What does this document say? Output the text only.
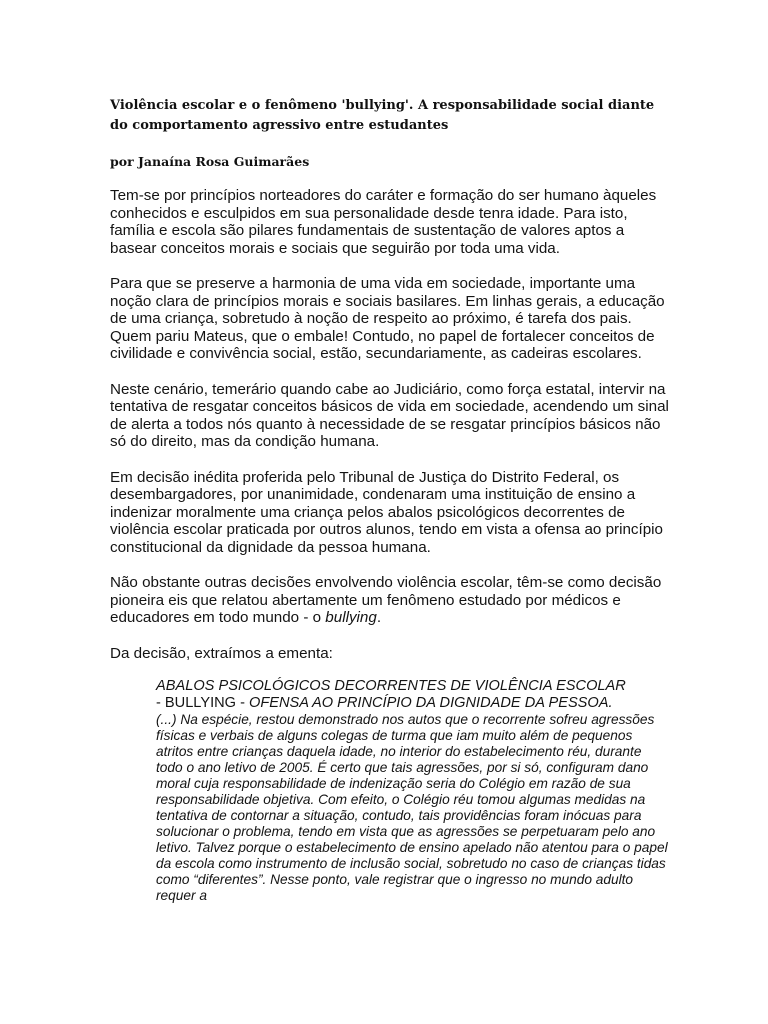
Violência escolar e o fenômeno 'bullying'. A responsabilidade social diante do comportamento agressivo entre estudantes

por Janaína Rosa Guimarães

Tem-se por princípios norteadores do caráter e formação do ser humano àqueles conhecidos e esculpidos em sua personalidade desde tenra idade. Para isto, família e escola são pilares fundamentais de sustentação de valores aptos a basear conceitos morais e sociais que seguirão por toda uma vida.

Para que se preserve a harmonia de uma vida em sociedade, importante uma noção clara de princípios morais e sociais basilares. Em linhas gerais, a educação de uma criança, sobretudo à noção de respeito ao próximo, é tarefa dos pais. Quem pariu Mateus, que o embale! Contudo, no papel de fortalecer conceitos de civilidade e convivência social, estão, secundariamente, as cadeiras escolares.

Neste cenário, temerário quando cabe ao Judiciário, como força estatal, intervir na tentativa de resgatar conceitos básicos de vida em sociedade, acendendo um sinal de alerta a todos nós quanto à necessidade de se resgatar princípios básicos não só do direito, mas da condição humana.

Em decisão inédita proferida pelo Tribunal de Justiça do Distrito Federal, os desembargadores, por unanimidade, condenaram uma instituição de ensino a indenizar moralmente uma criança pelos abalos psicológicos decorrentes de violência escolar praticada por outros alunos, tendo em vista a ofensa ao princípio constitucional da dignidade da pessoa humana.

Não obstante outras decisões envolvendo violência escolar, têm-se como decisão pioneira eis que relatou abertamente um fenômeno estudado por médicos e educadores em todo mundo - o bullying.

Da decisão, extraímos a ementa:

ABALOS PSICOLÓGICOS DECORRENTES DE VIOLÊNCIA ESCOLAR
- BULLYING - OFENSA AO PRINCÍPIO DA DIGNIDADE DA PESSOA.
(...) Na espécie, restou demonstrado nos autos que o recorrente sofreu agressões físicas e verbais de alguns colegas de turma que iam muito além de pequenos atritos entre crianças daquela idade, no interior do estabelecimento réu, durante todo o ano letivo de 2005. É certo que tais agressões, por si só, configuram dano moral cuja responsabilidade de indenização seria do Colégio em razão de sua responsabilidade objetiva. Com efeito, o Colégio réu tomou algumas medidas na tentativa de contornar a situação, contudo, tais providências foram inócuas para solucionar o problema, tendo em vista que as agressões se perpetuaram pelo ano letivo. Talvez porque o estabelecimento de ensino apelado não atentou para o papel da escola como instrumento de inclusão social, sobretudo no caso de crianças tidas como “diferentes”. Nesse ponto, vale registrar que o ingresso no mundo adulto requer a
